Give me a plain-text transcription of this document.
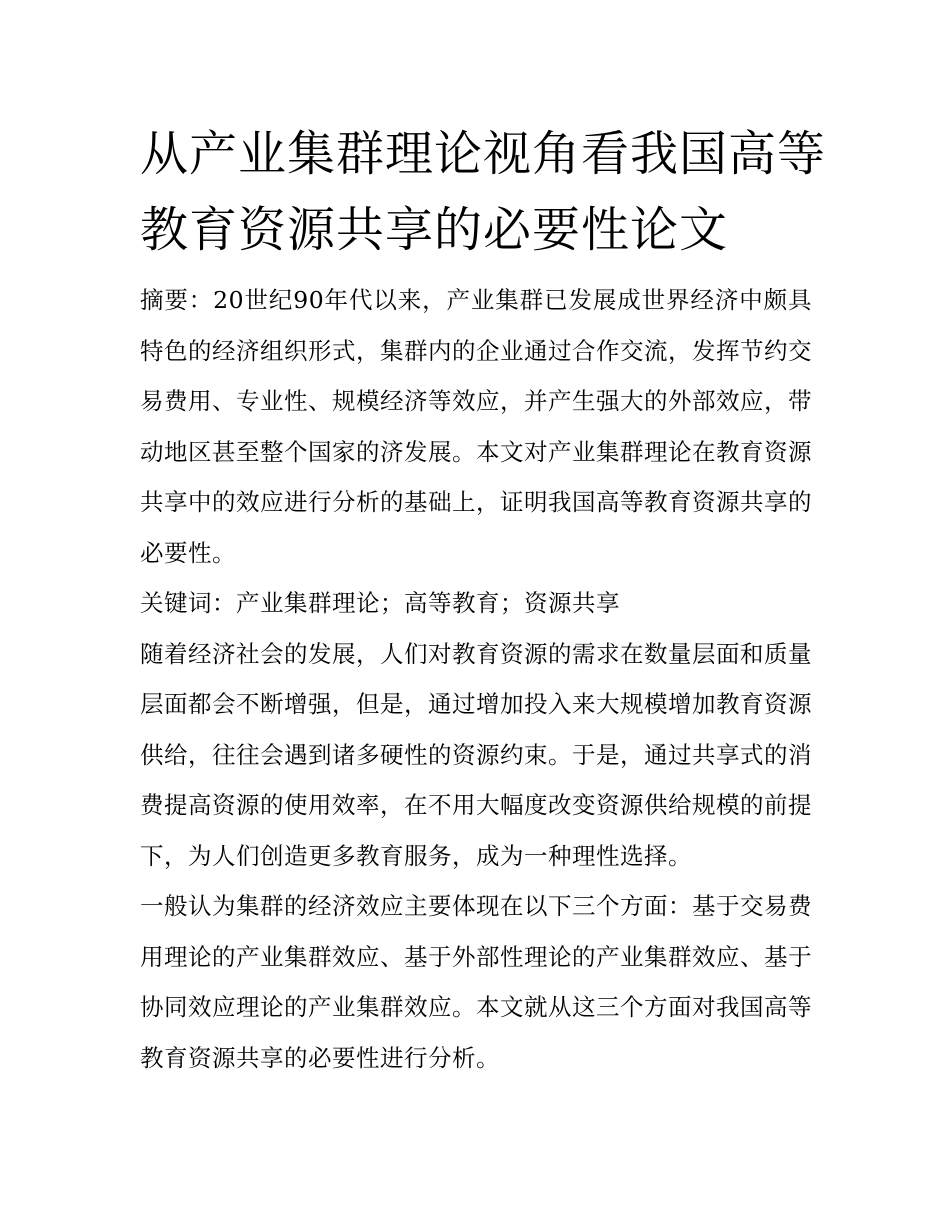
从产业集群理论视角看我国高等教育资源共享的必要性论文

摘要：20世纪90年代以来，产业集群已发展成世界经济中颇具特色的经济组织形式，集群内的企业通过合作交流，发挥节约交易费用、专业性、规模经济等效应，并产生强大的外部效应，带动地区甚至整个国家的济发展。本文对产业集群理论在教育资源共享中的效应进行分析的基础上，证明我国高等教育资源共享的必要性。

关键词：产业集群理论；高等教育；资源共享

随着经济社会的发展，人们对教育资源的需求在数量层面和质量层面都会不断增强，但是，通过增加投入来大规模增加教育资源供给，往往会遇到诸多硬性的资源约束。于是，通过共享式的消费提高资源的使用效率，在不用大幅度改变资源供给规模的前提下，为人们创造更多教育服务，成为一种理性选择。

一般认为集群的经济效应主要体现在以下三个方面：基于交易费用理论的产业集群效应、基于外部性理论的产业集群效应、基于协同效应理论的产业集群效应。本文就从这三个方面对我国高等教育资源共享的必要性进行分析。
